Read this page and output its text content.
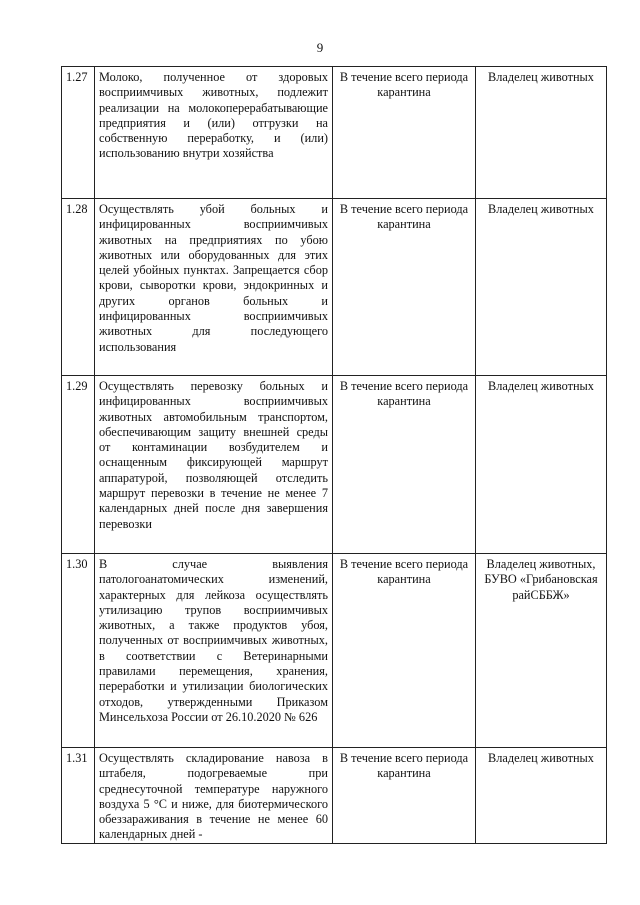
9
1.27	Молоко, полученное от здоровых восприимчивых животных, подлежит реализации на молокоперерабатывающие предприятия и (или) отгрузки на собственную переработку, и (или) использованию внутри хозяйства	В течение всего периода карантина	Владелец животных
1.28	Осуществлять убой больных и инфицированных восприимчивых животных на предприятиях по убою животных или оборудованных для этих целей убойных пунктах. Запрещается сбор крови, сыворотки крови, эндокринных и других органов больных и инфицированных восприимчивых животных для последующего использования	В течение всего периода карантина	Владелец животных
1.29	Осуществлять перевозку больных и инфицированных восприимчивых животных автомобильным транспортом, обеспечивающим защиту внешней среды от контаминации возбудителем и оснащенным фиксирующей маршрут аппаратурой, позволяющей отследить маршрут перевозки в течение не менее 7 календарных дней после дня завершения перевозки	В течение всего периода карантина	Владелец животных
1.30	В случае выявления патологоанатомических изменений, характерных для лейкоза осуществлять утилизацию трупов восприимчивых животных, а также продуктов убоя, полученных от восприимчивых животных, в соответствии с Ветеринарными правилами перемещения, хранения, переработки и утилизации биологических отходов, утвержденными Приказом Минсельхоза России от 26.10.2020 № 626	В течение всего периода карантина	Владелец животных, БУВО «Грибановская райСББЖ»
1.31	Осуществлять складирование навоза в штабеля, подогреваемые при среднесуточной температуре наружного воздуха 5 °С и ниже, для биотермического обеззараживания в течение не менее 60 календарных дней -	В течение всего периода карантина	Владелец животных
